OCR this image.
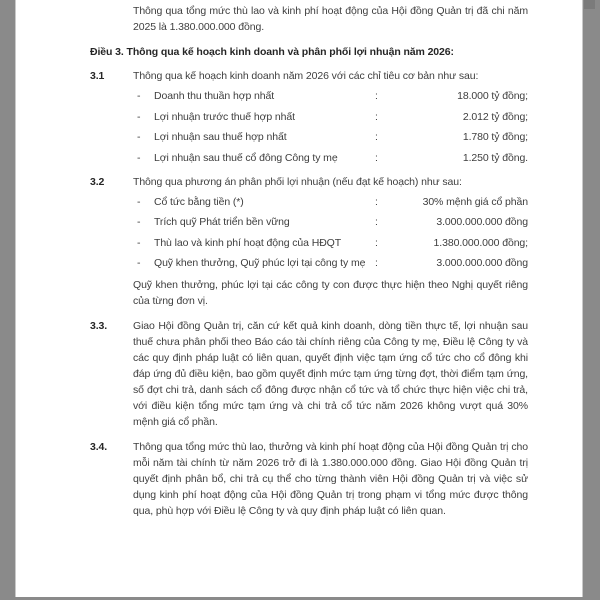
Thông qua tổng mức thù lao và kinh phí hoạt động của Hội đồng Quản trị đã chi năm 2025 là 1.380.000.000 đồng.

Điều 3. Thông qua kế hoạch kinh doanh và phân phối lợi nhuận năm 2026:
3.1	Thông qua kế hoạch kinh doanh năm 2026 với các chỉ tiêu cơ bản như sau:
-	Doanh thu thuần hợp nhất	:	18.000 tỷ đồng;
-	Lợi nhuận trước thuế hợp nhất	:	2.012 tỷ đồng;
-	Lợi nhuận sau thuế hợp nhất	:	1.780 tỷ đồng;
-	Lợi nhuận sau thuế cổ đông Công ty mẹ	:	1.250 tỷ đồng.
3.2	Thông qua phương án phân phối lợi nhuận (nếu đạt kế hoạch) như sau:
-	Cổ tức bằng tiền (*)	:	30% mệnh giá cổ phần
-	Trích quỹ Phát triển bền vững	:	3.000.000.000 đồng
-	Thù lao và kinh phí hoạt động của HĐQT	:	1.380.000.000 đồng;
-	Quỹ khen thưởng, Quỹ phúc lợi tại công ty mẹ :	3.000.000.000 đồng

Quỹ khen thưởng, phúc lợi tại các công ty con được thực hiện theo Nghị quyết riêng của từng đơn vị.

3.3.	Giao Hội đồng Quản trị, căn cứ kết quả kinh doanh, dòng tiền thực tế, lợi nhuận sau thuế chưa phân phối theo Báo cáo tài chính riêng của Công ty mẹ, Điều lệ Công ty và các quy định pháp luật có liên quan, quyết định việc tạm ứng cổ tức cho cổ đông khi đáp ứng đủ điều kiện, bao gồm quyết định mức tạm ứng từng đợt, thời điểm tạm ứng, số đợt chi trả, danh sách cổ đông được nhận cổ tức và tổ chức thực hiện việc chi trả, với điều kiện tổng mức tạm ứng và chi trả cổ tức năm 2026 không vượt quá 30% mệnh giá cổ phần.
3.4.	Thông qua tổng mức thù lao, thưởng và kinh phí hoạt động của Hội đồng Quản trị cho mỗi năm tài chính từ năm 2026 trở đi là 1.380.000.000 đồng. Giao Hội đồng Quản trị quyết định phân bổ, chi trả cụ thể cho từng thành viên Hội đồng Quản trị và việc sử dụng kinh phí hoạt động của Hội đồng Quản trị trong phạm vi tổng mức được thông qua, phù hợp với Điều lệ Công ty và quy định pháp luật có liên quan.
